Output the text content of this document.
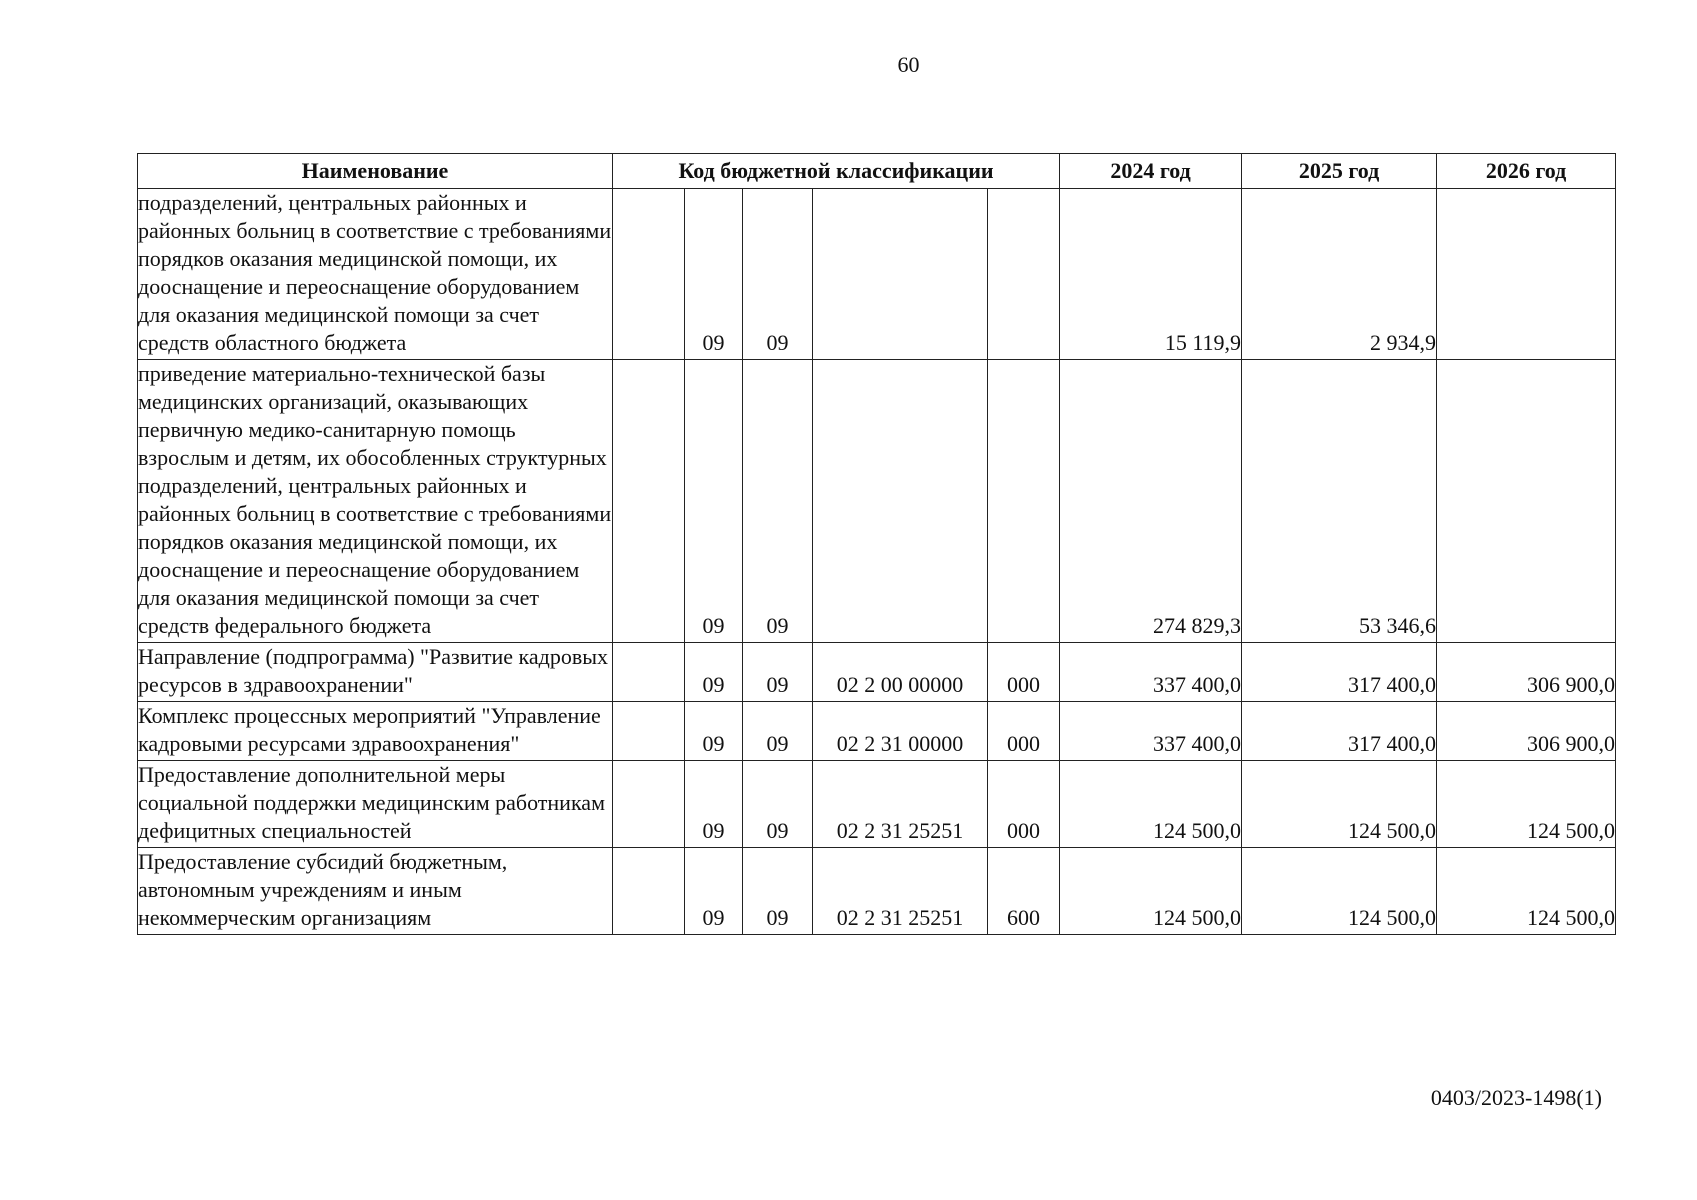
60
Наименование	Код бюджетной классификации					2024 год	2025 год	2026 год
подразделений, центральных районных и районных больниц в соответствие с требованиями порядков оказания медицинской помощи, их дооснащение и переоснащение оборудованием для оказания медицинской помощи за счет средств областного бюджета		09	09			15 119,9	2 934,9	
приведение материально-технической базы медицинских организаций, оказывающих первичную медико-санитарную помощь взрослым и детям, их обособленных структурных подразделений, центральных районных и районных больниц в соответствие с требованиями порядков оказания медицинской помощи, их дооснащение и переоснащение оборудованием для оказания медицинской помощи за счет средств федерального бюджета		09	09			274 829,3	53 346,6	
Направление (подпрограмма) "Развитие кадровых ресурсов в здравоохранении"		09	09	02 2 00 00000	000	337 400,0	317 400,0	306 900,0
Комплекс процессных мероприятий "Управление кадровыми ресурсами здравоохранения"		09	09	02 2 31 00000	000	337 400,0	317 400,0	306 900,0
Предоставление дополнительной меры социальной поддержки медицинским работникам дефицитных специальностей		09	09	02 2 31 25251	000	124 500,0	124 500,0	124 500,0
Предоставление субсидий бюджетным, автономным учреждениям и иным некоммерческим организациям		09	09	02 2 31 25251	600	124 500,0	124 500,0	124 500,0
0403/2023-1498(1)
